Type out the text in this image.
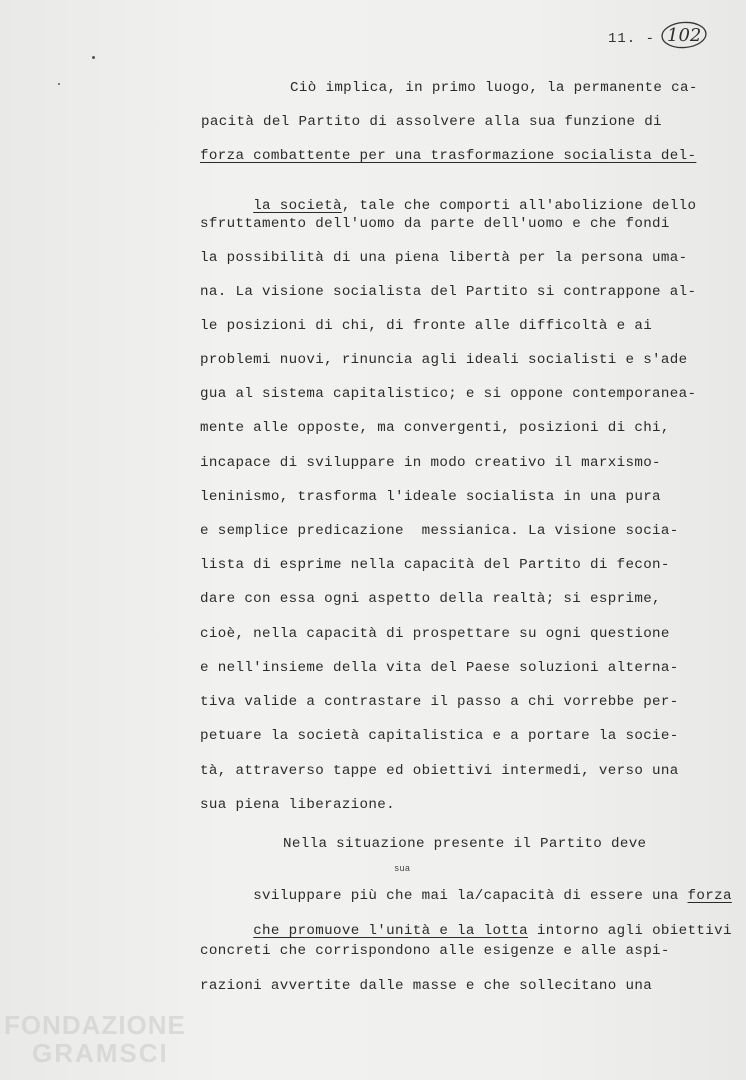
11. - 102
Ciò implica, in primo luogo, la permanente ca-
pacità del Partito di assolvere alla sua funzione di
forza combattente per una trasformazione socialista del-

la società, tale che comporti all'abolizione dello

sfruttamento dell'uomo da parte dell'uomo e che fondi
la possibilità di una piena libertà per la persona uma-
na. La visione socialista del Partito si contrappone al-
le posizioni di chi, di fronte alle difficoltà e ai
problemi nuovi, rinuncia agli ideali socialisti e s'ade
gua al sistema capitalistico; e si oppone contemporanea-
mente alle opposte, ma convergenti, posizioni di chi,
incapace di sviluppare in modo creativo il marxismo-
leninismo, trasforma l'ideale socialista in una pura
e semplice predicazione  messianica. La visione socia-
lista di esprime nella capacità del Partito di fecon-
dare con essa ogni aspetto della realtà; si esprime,
cioè, nella capacità di prospettare su ogni questione
e nell'insieme della vita del Paese soluzioni alterna-
tiva valide a contrastare il passo a chi vorrebbe per-
petuare la società capitalistica e a portare la socie-
tà, attraverso tappe ed obiettivi intermedi, verso una
sua piena liberazione.
Nella situazione presente il Partito deve
sua

sviluppare più che mai la/capacità di essere una forza

che promuove l'unità e la lotta intorno agli obiettivi

concreti che corrispondono alle esigenze e alle aspi-
razioni avvertite dalle masse e che sollecitano una
FONDAZIONE
GRAMSCI
